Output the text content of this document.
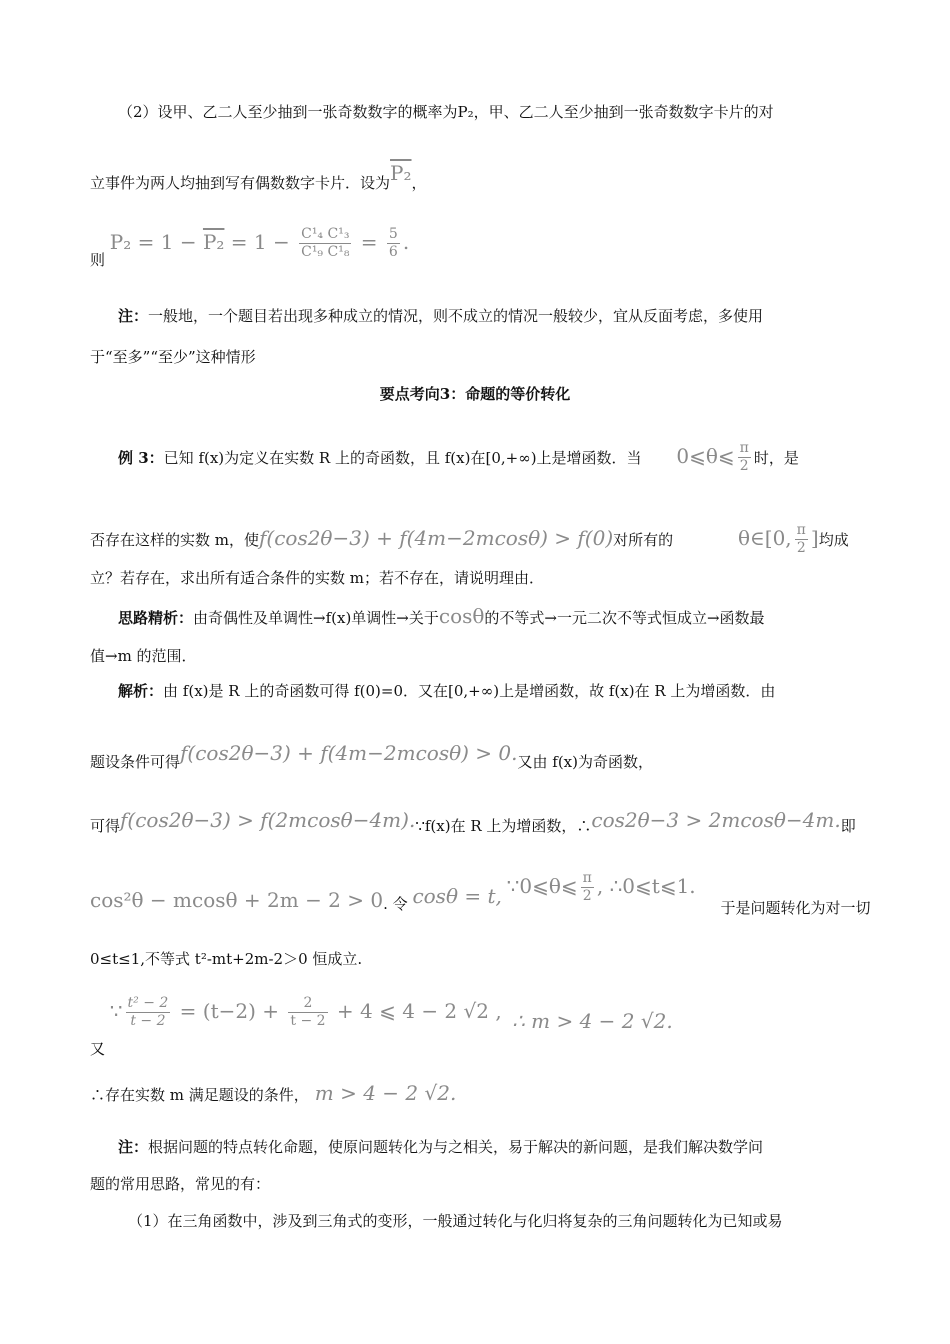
（2）设甲、乙二人至少抽到一张奇数数字的概率为P₂，甲、乙二人至少抽到一张奇数数字卡片的对
立事件为两人均抽到写有偶数数字卡片．设为P₂，
则 $P_2 = 1 - P_2 = 1 - \frac{\text{C¹₄ C¹₃}}{\text{C¹₉ C¹₈}} = \frac{5}{6}$ .
注：一般地，一个题目若出现多种成立的情况，则不成立的情况一般较少，宜从反面考虑，多使用
于“至多”“至少”这种情形
要点考向3：命题的等价转化
例 3：已知 f(x)为定义在实数 R 上的奇函数，且 f(x)在[0,+∞)上是增函数．当 0⩽θ⩽ $\frac{\pi}{2}$ 时，是
否存在这样的实数 m，使f(cos2θ−3) + f(4m−2mcosθ) > f(0)对所有的	θ∈[0, $\frac{\pi}{2}$ ]均成
立？若存在，求出所有适合条件的实数 m；若不存在，请说明理由．
思路精析：由奇偶性及单调性→f(x)单调性→关于cosθ的不等式→一元二次不等式恒成立→函数最
值→m 的范围．
解析：由 f(x)是 R 上的奇函数可得 f(0)=0．又在[0,+∞)上是增函数，故 f(x)在 R 上为增函数．由
题设条件可得f(cos2θ−3) + f(4m−2mcosθ) > 0.又由 f(x)为奇函数，
可得f(cos2θ−3) > f(2mcosθ−4m).∵f(x)在 R 上为增函数，∴cos2θ−3 > 2mcosθ−4m.即
cos²θ − mcosθ + 2m − 2 > 0. 令 cosθ = t, ∵0⩽θ⩽ $\frac{\pi}{2}$ , ∴0⩽t⩽1. 于是问题转化为对一切
0≤t≤1,不等式 t²-mt+2m-2＞0 恒成立.
又 ∵ $\frac{\text{t² − 2}}{t - 2} = (t-2) + \frac{2}{t - 2} + 4$ ⩽ 4 − 2 √2 , ∴ m > 4 − 2 √2.
∴存在实数 m 满足题设的条件， m > 4 − 2 √2.
注：根据问题的特点转化命题，使原问题转化为与之相关，易于解决的新问题，是我们解决数学问
题的常用思路，常见的有：
（1）在三角函数中，涉及到三角式的变形，一般通过转化与化归将复杂的三角问题转化为已知或易
